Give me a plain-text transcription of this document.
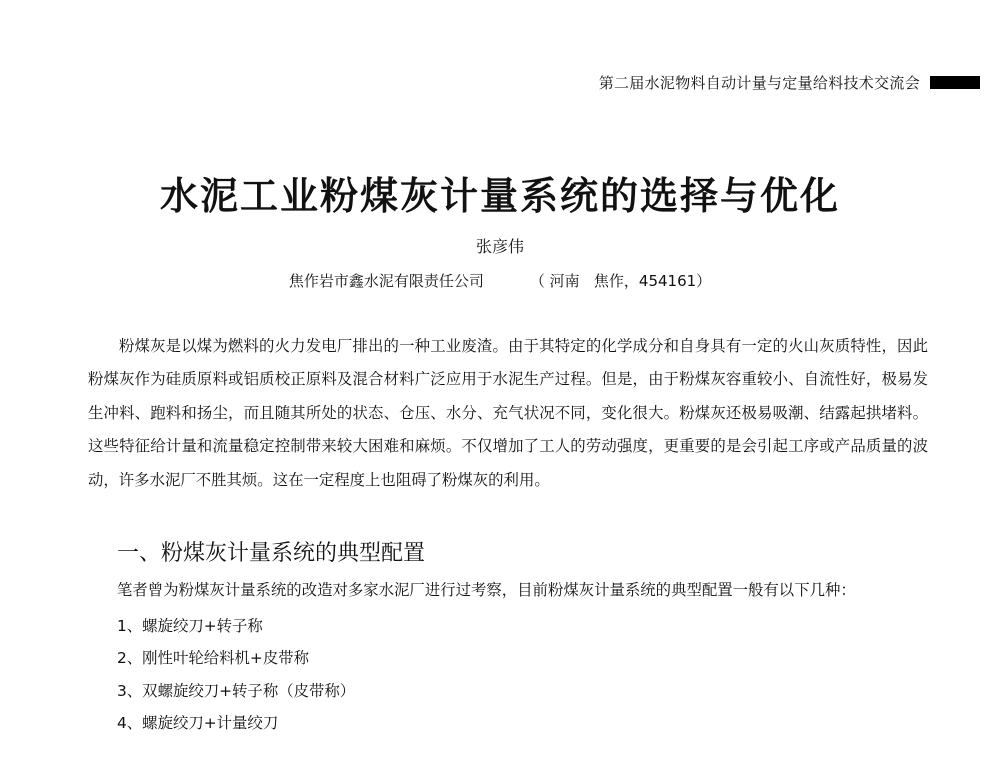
第二届水泥物料自动计量与定量给料技术交流会
水泥工业粉煤灰计量系统的选择与优化
张彦伟
焦作岩市鑫水泥有限责任公司	（ 河南   焦作，454161）

粉煤灰是以煤为燃料的火力发电厂排出的一种工业废渣。由于其特定的化学成分和自身具有一定的火山灰质特性，因此粉煤灰作为硅质原料或铝质校正原料及混合材料广泛应用于水泥生产过程。但是，由于粉煤灰容重较小、自流性好，极易发生冲料、跑料和扬尘，而且随其所处的状态、仓压、水分、充气状况不同，变化很大。粉煤灰还极易吸潮、结露起拱堵料。这些特征给计量和流量稳定控制带来较大困难和麻烦。不仅增加了工人的劳动强度，更重要的是会引起工序或产品质量的波动，许多水泥厂不胜其烦。这在一定程度上也阻碍了粉煤灰的利用。

一、粉煤灰计量系统的典型配置

笔者曾为粉煤灰计量系统的改造对多家水泥厂进行过考察，目前粉煤灰计量系统的典型配置一般有以下几种：

1、螺旋绞刀+转子称
2、刚性叶轮给料机+皮带称
3、双螺旋绞刀+转子称（皮带称）
4、螺旋绞刀+计量绞刀
